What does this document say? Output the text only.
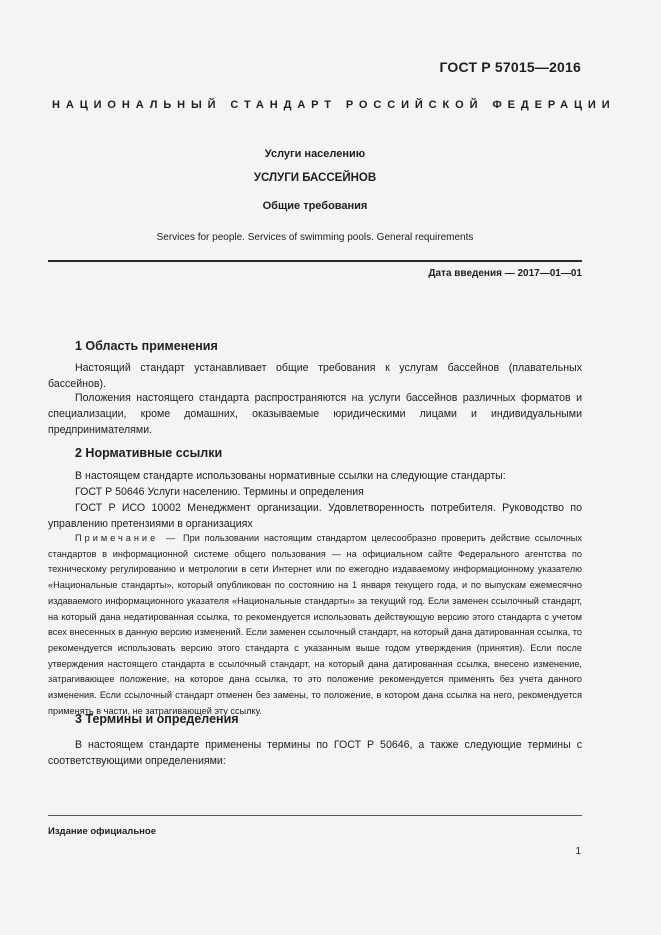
ГОСТ Р 57015—2016
НАЦИОНАЛЬНЫЙ СТАНДАРТ РОССИЙСКОЙ ФЕДЕРАЦИИ
Услуги населению
УСЛУГИ БАССЕЙНОВ
Общие требования
Services for people. Services of swimming pools. General requirements
Дата введения — 2017—01—01
1 Область применения
Настоящий стандарт устанавливает общие требования к услугам бассейнов (плавательных бассейнов).
Положения настоящего стандарта распространяются на услуги бассейнов различных форматов и специализации, кроме домашних, оказываемые юридическими лицами и индивидуальными предпринимателями.
2 Нормативные ссылки
В настоящем стандарте использованы нормативные ссылки на следующие стандарты:
ГОСТ Р 50646 Услуги населению. Термины и определения
ГОСТ Р ИСО 10002 Менеджмент организации. Удовлетворенность потребителя. Руководство по управлению претензиями в организациях
Примечание — При пользовании настоящим стандартом целесообразно проверить действие ссылочных стандартов в информационной системе общего пользования — на официальном сайте Федерального агентства по техническому регулированию и метрологии в сети Интернет или по ежегодно издаваемому информационному указателю «Национальные стандарты», который опубликован по состоянию на 1 января текущего года, и по выпускам ежемесячно издаваемого информационного указателя «Национальные стандарты» за текущий год. Если заменен ссылочный стандарт, на который дана недатированная ссылка, то рекомендуется использовать действующую версию этого стандарта с учетом всех внесенных в данную версию изменений. Если заменен ссылочный стандарт, на который дана датированная ссылка, то рекомендуется использовать версию этого стандарта с указанным выше годом утверждения (принятия). Если после утверждения настоящего стандарта в ссылочный стандарт, на который дана датированная ссылка, внесено изменение, затрагивающее положение, на которое дана ссылка, то это положение рекомендуется применять без учета данного изменения. Если ссылочный стандарт отменен без замены, то положение, в котором дана ссылка на него, рекомендуется применять в части, не затрагивающей эту ссылку.
3 Термины и определения
В настоящем стандарте применены термины по ГОСТ Р 50646, а также следующие термины с соответствующими определениями:
Издание официальное
1
